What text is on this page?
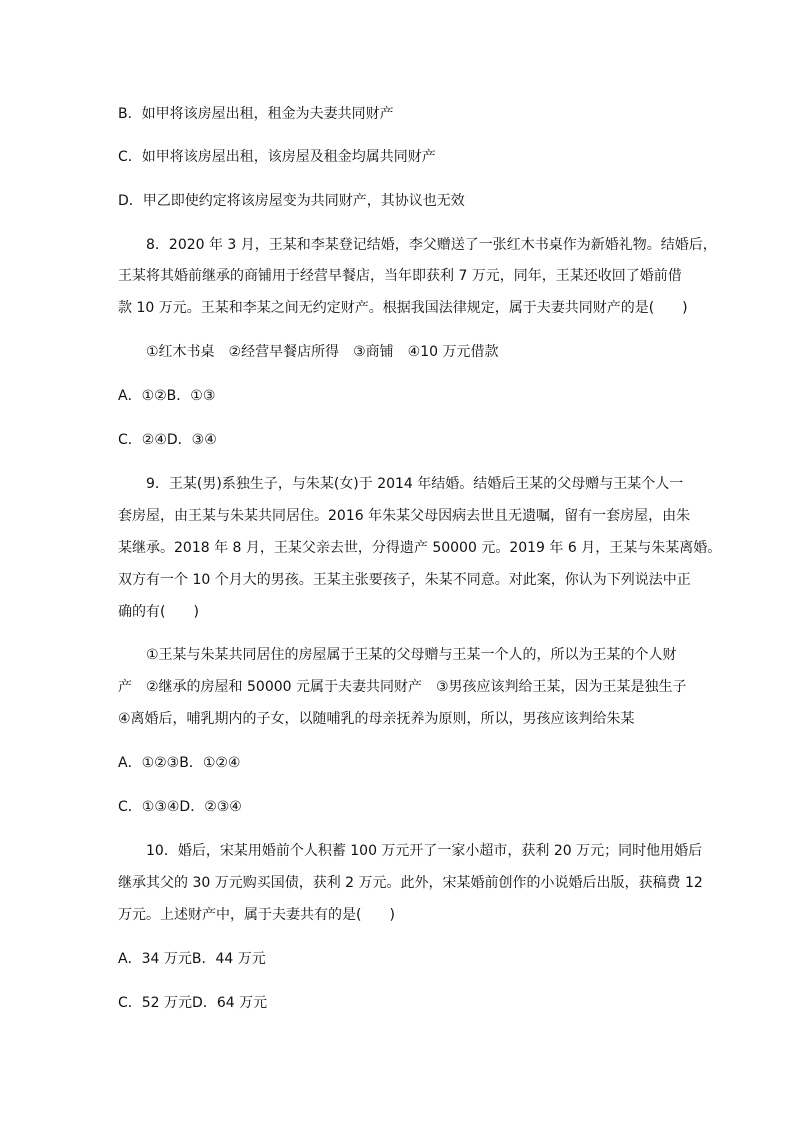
B．如甲将该房屋出租，租金为夫妻共同财产
C．如甲将该房屋出租，该房屋及租金均属共同财产
D．甲乙即使约定将该房屋变为共同财产，其协议也无效
8．2020 年 3 月，王某和李某登记结婚，李父赠送了一张红木书桌作为新婚礼物。结婚后，
王某将其婚前继承的商铺用于经营早餐店，当年即获利 7 万元，同年，王某还收回了婚前借
款 10 万元。王某和李某之间无约定财产。根据我国法律规定，属于夫妻共同财产的是(　　)
①红木书桌　②经营早餐店所得　③商铺　④10 万元借款
A．①②B．①③
C．②④D．③④
9．王某(男)系独生子，与朱某(女)于 2014 年结婚。结婚后王某的父母赠与王某个人一
套房屋，由王某与朱某共同居住。2016 年朱某父母因病去世且无遗嘱，留有一套房屋，由朱
某继承。2018 年 8 月，王某父亲去世，分得遗产 50000 元。2019 年 6 月，王某与朱某离婚。
双方有一个 10 个月大的男孩。王某主张要孩子，朱某不同意。对此案，你认为下列说法中正
确的有(　　)
①王某与朱某共同居住的房屋属于王某的父母赠与王某一个人的，所以为王某的个人财
产　②继承的房屋和 50000 元属于夫妻共同财产　③男孩应该判给王某，因为王某是独生子
④离婚后，哺乳期内的子女，以随哺乳的母亲抚养为原则，所以，男孩应该判给朱某
A．①②③B．①②④
C．①③④D．②③④
10．婚后，宋某用婚前个人积蓄 100 万元开了一家小超市，获利 20 万元；同时他用婚后
继承其父的 30 万元购买国债，获利 2 万元。此外，宋某婚前创作的小说婚后出版，获稿费 12
万元。上述财产中，属于夫妻共有的是(　　)
A．34 万元B．44 万元
C．52 万元D．64 万元
